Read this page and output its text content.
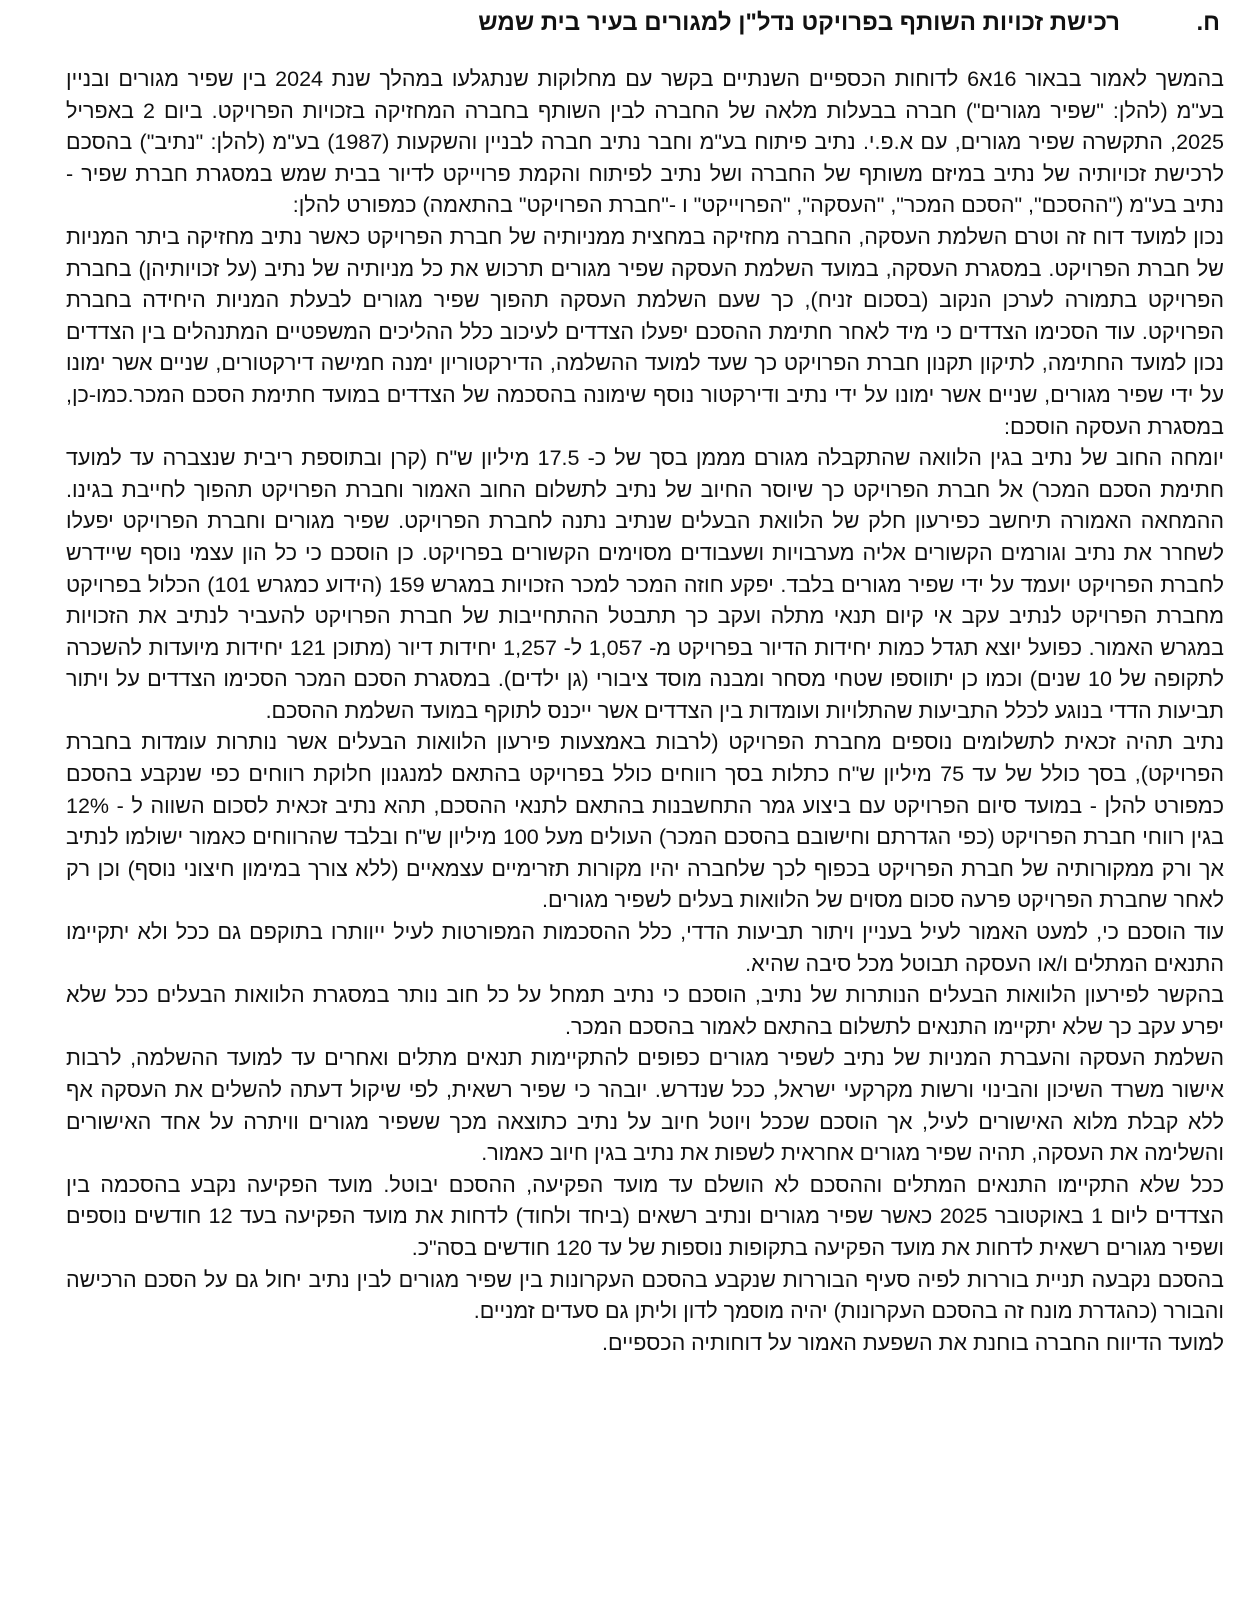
ח.
רכישת זכויות השותף בפרויקט נדל"ן למגורים בעיר בית שמש

בהמשך לאמור בבאור 16א6 לדוחות הכספיים השנתיים בקשר עם מחלוקות שנתגלעו במהלך שנת 2024 בין שפיר מגורים ובניין בע"מ (להלן: "שפיר מגורים") חברה בבעלות מלאה של החברה לבין השותף בחברה המחזיקה בזכויות הפרויקט. ביום 2 באפריל 2025, התקשרה שפיר מגורים, עם א.פ.י. נתיב פיתוח בע"מ וחבר נתיב חברה לבניין והשקעות (1987) בע"מ (להלן: "נתיב") בהסכם לרכישת זכויותיה של נתיב במיזם משותף של החברה ושל נתיב לפיתוח והקמת פרוייקט לדיור בבית שמש במסגרת חברת שפיר - נתיב בע"מ ("ההסכם", "הסכם המכר", "העסקה", "הפרוייקט" ו -"חברת הפרויקט" בהתאמה) כמפורט להלן:

נכון למועד דוח זה וטרם השלמת העסקה, החברה מחזיקה במחצית ממניותיה של חברת הפרויקט כאשר נתיב מחזיקה ביתר המניות של חברת הפרויקט. במסגרת העסקה, במועד השלמת העסקה שפיר מגורים תרכוש את כל מניותיה של נתיב (על זכויותיהן) בחברת הפרויקט בתמורה לערכן הנקוב (בסכום זניח), כך שעם השלמת העסקה תהפוך שפיר מגורים לבעלת המניות היחידה בחברת הפרויקט. עוד הסכימו הצדדים כי מיד לאחר חתימת ההסכם יפעלו הצדדים לעיכוב כלל ההליכים המשפטיים המתנהלים בין הצדדים נכון למועד החתימה, לתיקון תקנון חברת הפרויקט כך שעד למועד ההשלמה, הדירקטוריון ימנה חמישה דירקטורים, שניים אשר ימונו על ידי שפיר מגורים, שניים אשר ימונו על ידי נתיב ודירקטור נוסף שימונה בהסכמה של הצדדים במועד חתימת הסכם המכר.כמו-כן, במסגרת העסקה הוסכם:

יומחה החוב של נתיב בגין הלוואה שהתקבלה מגורם מממן בסך של כ- 17.5 מיליון ש"ח (קרן ובתוספת ריבית שנצברה עד למועד חתימת הסכם המכר) אל חברת הפרויקט כך שיוסר החיוב של נתיב לתשלום החוב האמור וחברת הפרויקט תהפוך לחייבת בגינו. ההמחאה האמורה תיחשב כפירעון חלק של הלוואת הבעלים שנתיב נתנה לחברת הפרויקט. שפיר מגורים וחברת הפרויקט יפעלו לשחרר את נתיב וגורמים הקשורים אליה מערבויות ושעבודים מסוימים הקשורים בפרויקט. כן הוסכם כי כל הון עצמי נוסף שיידרש לחברת הפרויקט יועמד על ידי שפיר מגורים בלבד. יפקע חוזה המכר למכר הזכויות במגרש 159 (הידוע כמגרש 101) הכלול בפרויקט מחברת הפרויקט לנתיב עקב אי קיום תנאי מתלה ועקב כך תתבטל ההתחייבות של חברת הפרויקט להעביר לנתיב את הזכויות במגרש האמור. כפועל יוצא תגדל כמות יחידות הדיור בפרויקט מ- 1,057 ל- 1,257 יחידות דיור (מתוכן 121 יחידות מיועדות להשכרה לתקופה של 10 שנים) וכמו כן יתווספו שטחי מסחר ומבנה מוסד ציבורי (גן ילדים). במסגרת הסכם המכר הסכימו הצדדים על ויתור תביעות הדדי בנוגע לכלל התביעות שהתלויות ועומדות בין הצדדים אשר ייכנס לתוקף במועד השלמת ההסכם.

נתיב תהיה זכאית לתשלומים נוספים מחברת הפרויקט (לרבות באמצעות פירעון הלוואות הבעלים אשר נותרות עומדות בחברת הפרויקט), בסך כולל של עד 75 מיליון ש"ח כתלות בסך רווחים כולל בפרויקט בהתאם למנגנון חלוקת רווחים כפי שנקבע בהסכם כמפורט להלן - במועד סיום הפרויקט עם ביצוע גמר התחשבנות בהתאם לתנאי ההסכם, תהא נתיב זכאית לסכום השווה ל - 12% בגין רווחי חברת הפרויקט (כפי הגדרתם וחישובם בהסכם המכר) העולים מעל 100 מיליון ש"ח ובלבד שהרווחים כאמור ישולמו לנתיב אך ורק ממקורותיה של חברת הפרויקט בכפוף לכך שלחברה יהיו מקורות תזרימיים עצמאיים (ללא צורך במימון חיצוני נוסף) וכן רק לאחר שחברת הפרויקט פרעה סכום מסוים של הלוואות בעלים לשפיר מגורים.

עוד הוסכם כי, למעט האמור לעיל בעניין ויתור תביעות הדדי, כלל ההסכמות המפורטות לעיל ייוותרו בתוקפם גם ככל ולא יתקיימו התנאים המתלים ו/או העסקה תבוטל מכל סיבה שהיא.

בהקשר לפירעון הלוואות הבעלים הנותרות של נתיב, הוסכם כי נתיב תמחל על כל חוב נותר במסגרת הלוואות הבעלים ככל שלא יפרע עקב כך שלא יתקיימו התנאים לתשלום בהתאם לאמור בהסכם המכר.

השלמת העסקה והעברת המניות של נתיב לשפיר מגורים כפופים להתקיימות תנאים מתלים ואחרים עד למועד ההשלמה, לרבות אישור משרד השיכון והבינוי ורשות מקרקעי ישראל, ככל שנדרש. יובהר כי שפיר רשאית, לפי שיקול דעתה להשלים את העסקה אף ללא קבלת מלוא האישורים לעיל, אך הוסכם שככל ויוטל חיוב על נתיב כתוצאה מכך ששפיר מגורים וויתרה על אחד האישורים והשלימה את העסקה, תהיה שפיר מגורים אחראית לשפות את נתיב בגין חיוב כאמור.

ככל שלא התקיימו התנאים המתלים וההסכם לא הושלם עד מועד הפקיעה, ההסכם יבוטל. מועד הפקיעה נקבע בהסכמה בין הצדדים ליום 1 באוקטובר 2025 כאשר שפיר מגורים ונתיב רשאים (ביחד ולחוד) לדחות את מועד הפקיעה בעד 12 חודשים נוספים ושפיר מגורים רשאית לדחות את מועד הפקיעה בתקופות נוספות של עד 120 חודשים בסה"כ.

בהסכם נקבעה תניית בוררות לפיה סעיף הבוררות שנקבע בהסכם העקרונות בין שפיר מגורים לבין נתיב יחול גם על הסכם הרכישה והבורר (כהגדרת מונח זה בהסכם העקרונות) יהיה מוסמך לדון וליתן גם סעדים זמניים.

למועד הדיווח החברה בוחנת את השפעת האמור על דוחותיה הכספיים.
